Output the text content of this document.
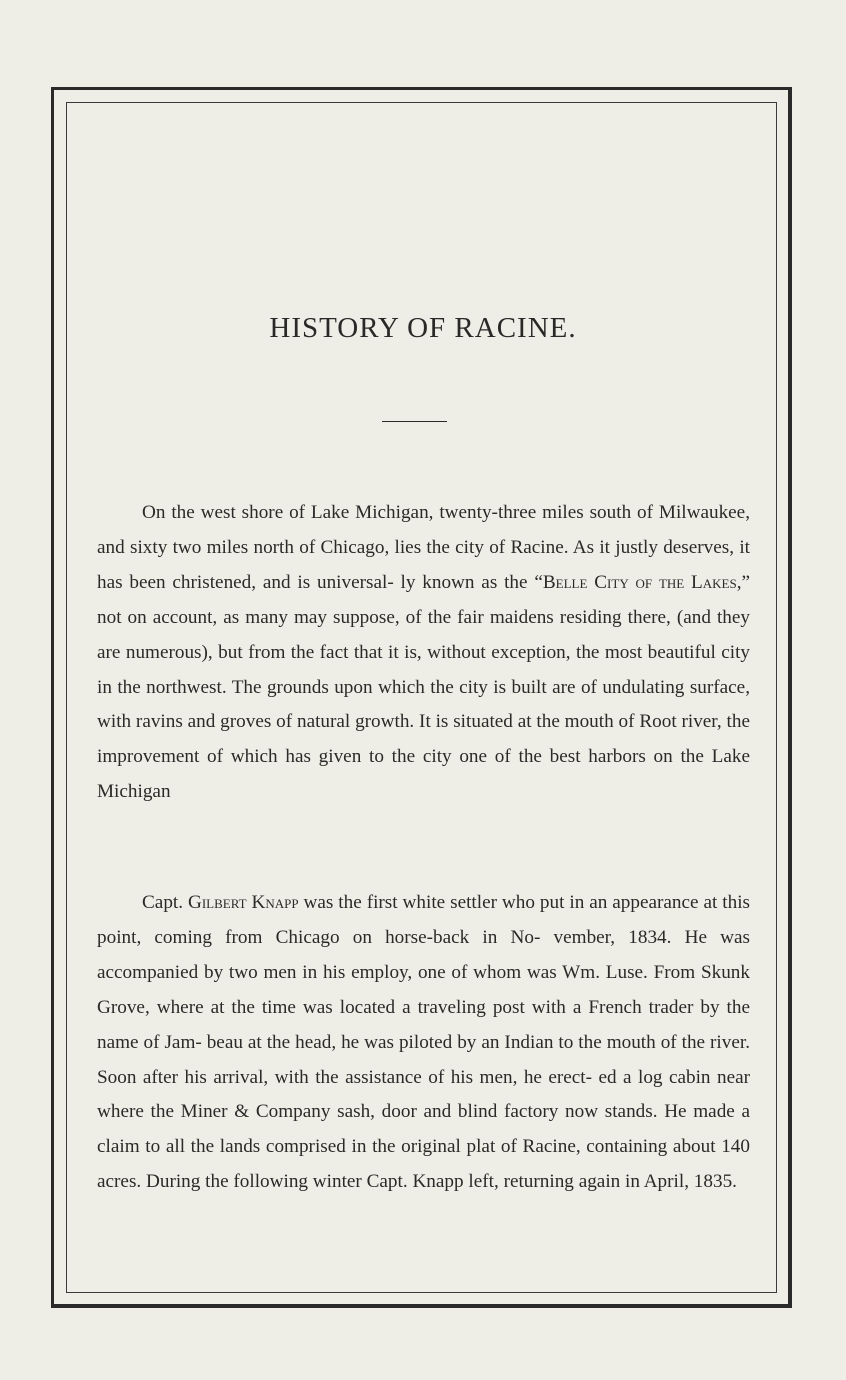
HISTORY OF RACINE.

On the west shore of Lake Michigan, twenty-three miles south of Milwaukee, and sixty two miles north of Chicago, lies the city of Racine. As it justly deserves, it has been christened, and is universal- ly known as the “Belle City of the Lakes,” not on account, as many may suppose, of the fair maidens residing there, (and they are numerous), but from the fact that it is, without exception, the most beautiful city in the northwest. The grounds upon which the city is built are of undulating surface, with ravins and groves of natural growth. It is situated at the mouth of Root river, the improvement of which has given to the city one of the best harbors on the Lake Michigan

Capt. Gilbert Knapp was the first white settler who put in an appearance at this point, coming from Chicago on horse-back in No- vember, 1834. He was accompanied by two men in his employ, one of whom was Wm. Luse. From Skunk Grove, where at the time was located a traveling post with a French trader by the name of Jam- beau at the head, he was piloted by an Indian to the mouth of the river. Soon after his arrival, with the assistance of his men, he erect- ed a log cabin near where the Miner & Company sash, door and blind factory now stands. He made a claim to all the lands comprised in the original plat of Racine, containing about 140 acres. During the following winter Capt. Knapp left, returning again in April, 1835.
